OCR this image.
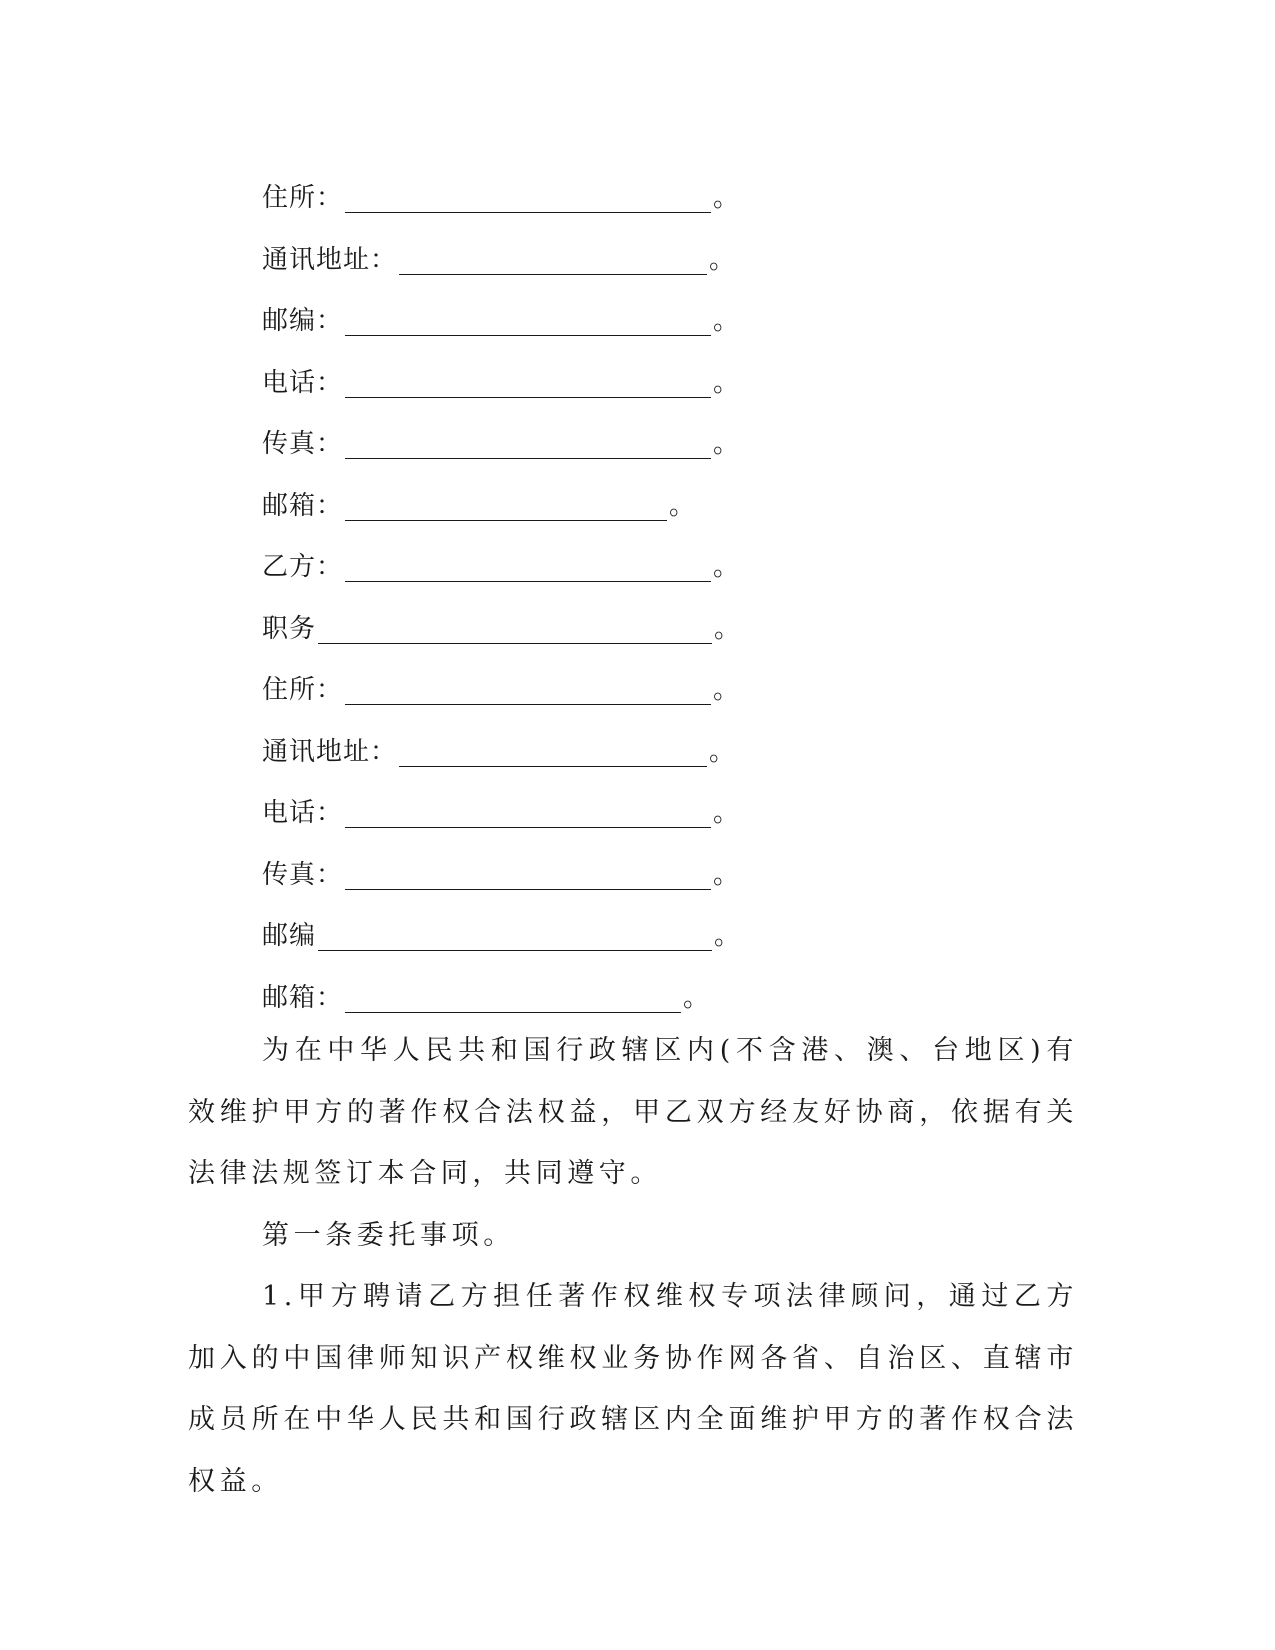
住所：	。
通讯地址：	。
邮编：	。
电话：	。
传真：	。
邮箱：	。
乙方：	。
职务	。
住所：	。
通讯地址：	。
电话：	。
传真：	。
邮编	。
邮箱：	。

为在中华人民共和国行政辖区内(不含港、澳、台地区)有效维护甲方的著作权合法权益，甲乙双方经友好协商，依据有关法律法规签订本合同，共同遵守。

第一条委托事项。

1.甲方聘请乙方担任著作权维权专项法律顾问，通过乙方加入的中国律师知识产权维权业务协作网各省、自治区、直辖市成员所在中华人民共和国行政辖区内全面维护甲方的著作权合法权益。
